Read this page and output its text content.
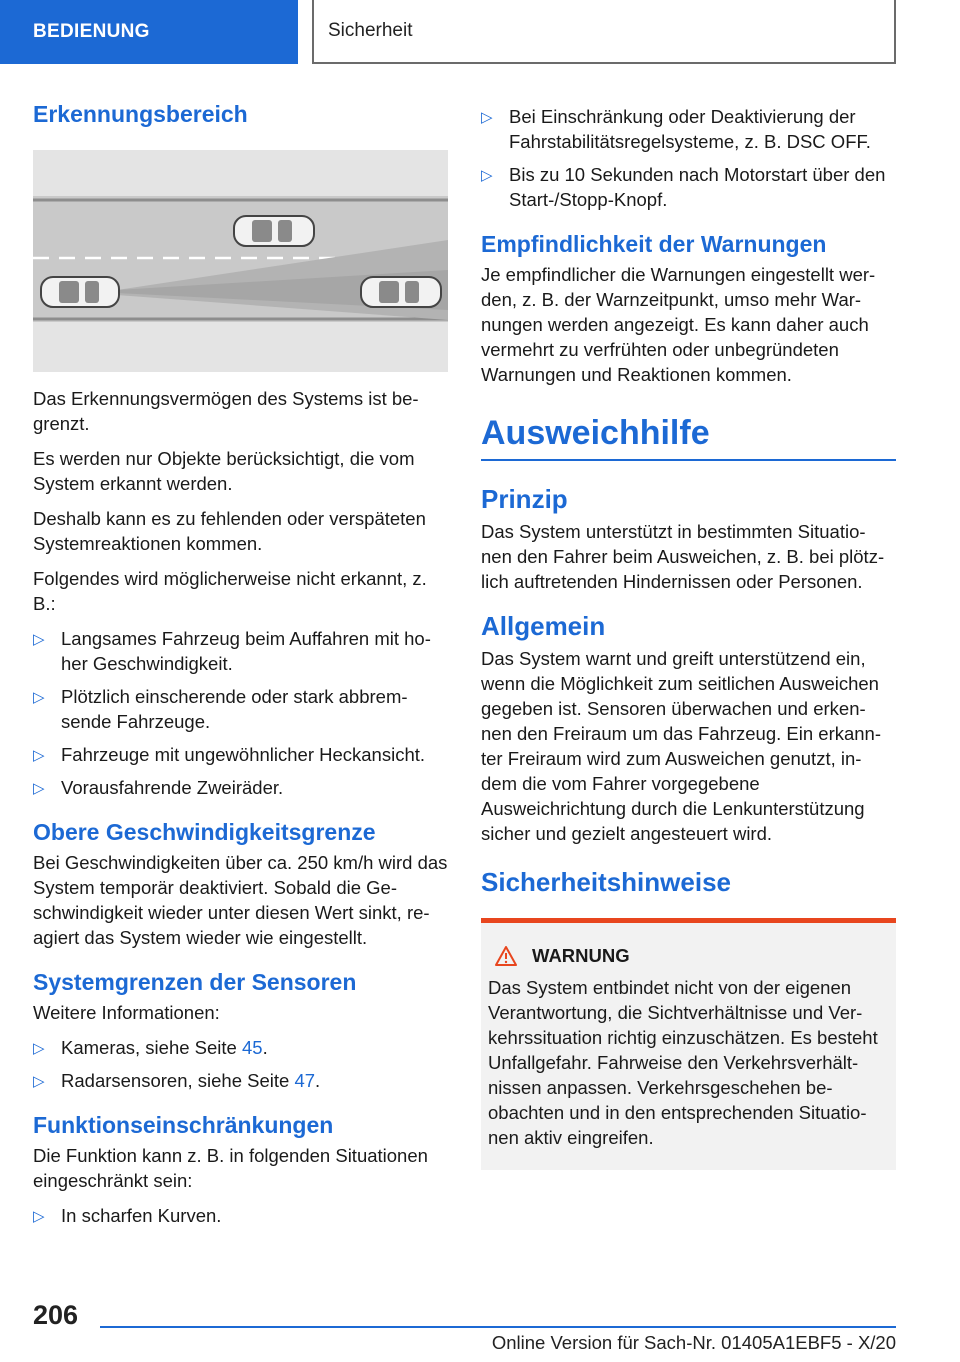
BEDIENUNG	Sicherheit
Erkennungsbereich

Das Erkennungsvermögen des Systems ist be-grenzt.

Es werden nur Objekte berücksichtigt, die vom System erkannt werden.

Deshalb kann es zu fehlenden oder verspäteten Systemreaktionen kommen.

Folgendes wird möglicherweise nicht erkannt, z. B.:

▷ Langsames Fahrzeug beim Auffahren mit ho-her Geschwindigkeit.
▷ Plötzlich einscherende oder stark abbrem-sende Fahrzeuge.
▷ Fahrzeuge mit ungewöhnlicher Heckansicht.
▷ Vorausfahrende Zweiräder.
Obere Geschwindigkeitsgrenze

Bei Geschwindigkeiten über ca. 250 km/h wird das System temporär deaktiviert. Sobald die Ge-schwindigkeit wieder unter diesen Wert sinkt, re-agiert das System wieder wie eingestellt.

Systemgrenzen der Sensoren

Weitere Informationen:

▷ Kameras, siehe Seite 45.
▷ Radarsensoren, siehe Seite 47.
Funktionseinschränkungen

Die Funktion kann z. B. in folgenden Situationen eingeschränkt sein:

▷ In scharfen Kurven.
▷ Bei Einschränkung oder Deaktivierung der Fahrstabilitätsregelsysteme, z. B. DSC OFF.
▷ Bis zu 10 Sekunden nach Motorstart über den Start-/Stopp-Knopf.
Empfindlichkeit der Warnungen

Je empfindlicher die Warnungen eingestellt wer-den, z. B. der Warnzeitpunkt, umso mehr War-nungen werden angezeigt. Es kann daher auch vermehrt zu verfrühten oder unbegründeten Warnungen und Reaktionen kommen.

Ausweichhilfe
Prinzip

Das System unterstützt in bestimmten Situatio-nen den Fahrer beim Ausweichen, z. B. bei plötz-lich auftretenden Hindernissen oder Personen.

Allgemein

Das System warnt und greift unterstützend ein, wenn die Möglichkeit zum seitlichen Ausweichen gegeben ist. Sensoren überwachen und erken-nen den Freiraum um das Fahrzeug. Ein erkann-ter Freiraum wird zum Ausweichen genutzt, in-dem die vom Fahrer vorgegebene Ausweichrichtung durch die Lenkunterstützung sicher und gezielt angesteuert wird.

Sicherheitshinweise
WARNUNG

Das System entbindet nicht von der eigenen Verantwortung, die Sichtverhältnisse und Ver-kehrssituation richtig einzuschätzen. Es besteht Unfallgefahr. Fahrweise den Verkehrsverhält-nissen anpassen. Verkehrsgeschehen be-obachten und in den entsprechenden Situatio-nen aktiv eingreifen.

206
Online Version für Sach-Nr. 01405A1EBF5 - X/20
